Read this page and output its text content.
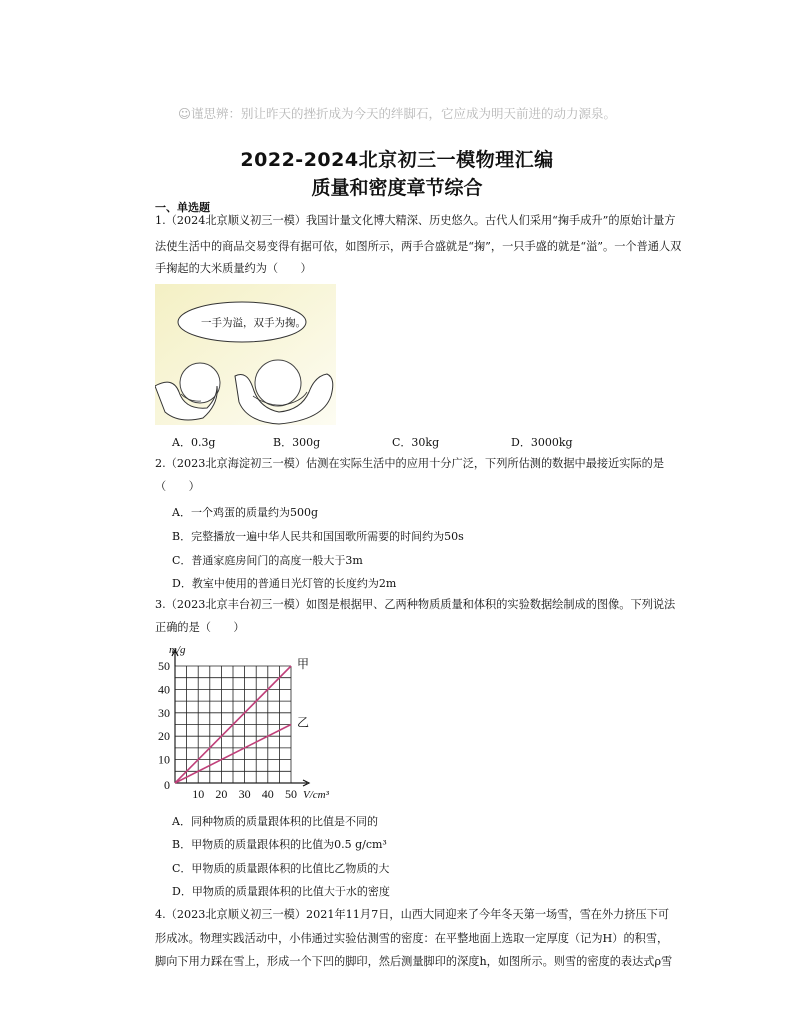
☺谨思辨：别让昨天的挫折成为今天的绊脚石，它应成为明天前进的动力源泉。
2022-2024北京初三一模物理汇编
质量和密度章节综合
一、单选题
1.（2024北京顺义初三一模）我国计量文化博大精深、历史悠久。古代人们采用“掬手成升”的原始计量方
法使生活中的商品交易变得有据可依，如图所示，两手合盛就是“掬”，一只手盛的就是“溢”。一个普通人双
手掬起的大米质量约为（　　）
一手为溢，双手为掬。
A．0.3g	B．300g	C．30kg	D．3000kg
2.（2023北京海淀初三一模）估测在实际生活中的应用十分广泛，下列所估测的数据中最接近实际的是
（　　）
A．一个鸡蛋的质量约为500g
B．完整播放一遍中华人民共和国国歌所需要的时间约为50s
C．普通家庭房间门的高度一般大于3m
D．教室中使用的普通日光灯管的长度约为2m
3.（2023北京丰台初三一模）如图是根据甲、乙两种物质质量和体积的实验数据绘制成的图像。下列说法
正确的是（　　）
0
10
20
30
40
50
10 20 30 40 50
m/g
V/cm³
甲
乙
A．同种物质的质量跟体积的比值是不同的
B．甲物质的质量跟体积的比值为0.5 g/cm³
C．甲物质的质量跟体积的比值比乙物质的大
D．甲物质的质量跟体积的比值大于水的密度
4.（2023北京顺义初三一模）2021年11月7日，山西大同迎来了今年冬天第一场雪，雪在外力挤压下可
形成冰。物理实践活动中，小伟通过实验估测雪的密度：在平整地面上选取一定厚度（记为H）的积雪，
脚向下用力踩在雪上，形成一个下凹的脚印，然后测量脚印的深度h，如图所示。则雪的密度的表达式ρ雪
